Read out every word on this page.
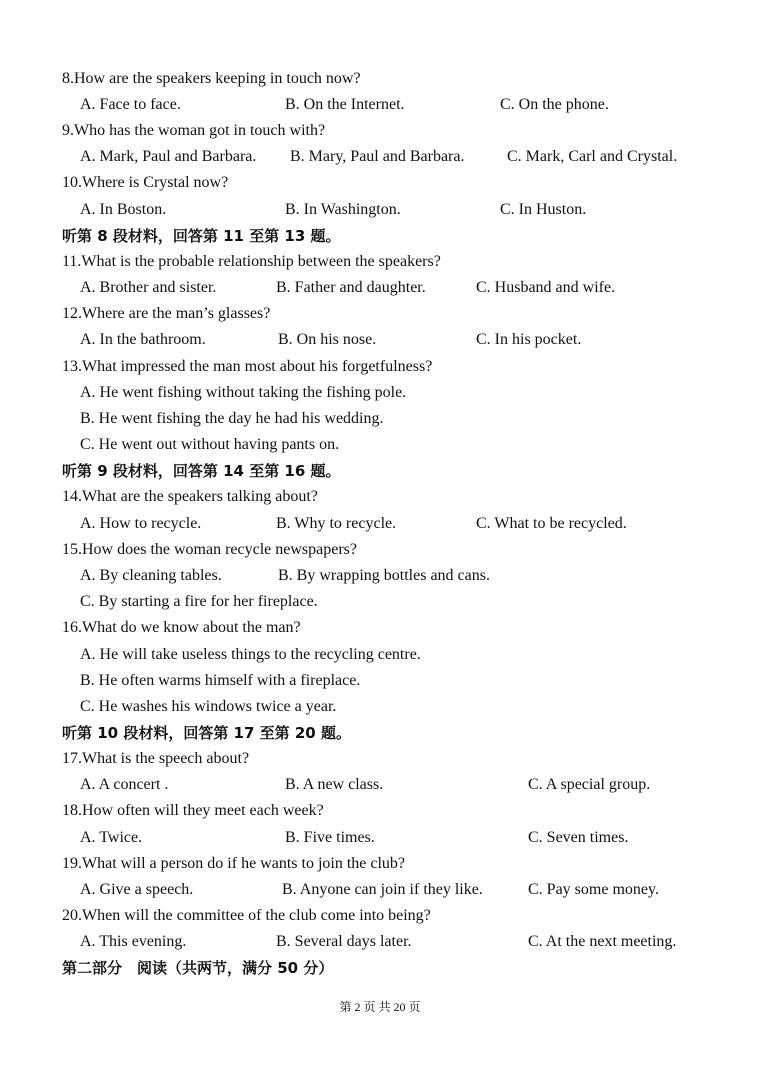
8.How are the speakers keeping in touch now?
A. Face to face.	B. On the Internet.	C. On the phone.
9.Who has the woman got in touch with?
A. Mark, Paul and Barbara. B. Mary, Paul and Barbara.	C. Mark, Carl and Crystal.
10.Where is Crystal now?
A. In Boston.	B. In Washington.	C. In Huston.
听第 8 段材料，回答第 11 至第 13 题。
11.What is the probable relationship between the speakers?
A. Brother and sister.	B. Father and daughter.	C. Husband and wife.
12.Where are the man’s glasses?
A. In the bathroom.	B. On his nose.	C. In his pocket.
13.What impressed the man most about his forgetfulness?
A. He went fishing without taking the fishing pole.
B. He went fishing the day he had his wedding.
C. He went out without having pants on.
听第 9 段材料，回答第 14 至第 16 题。
14.What are the speakers talking about?
A. How to recycle.	B. Why to recycle.	C. What to be recycled.
15.How does the woman recycle newspapers?
A. By cleaning tables.	B. By wrapping bottles and cans.
C. By starting a fire for her fireplace.
16.What do we know about the man?
A. He will take useless things to the recycling centre.
B. He often warms himself with a fireplace.
C. He washes his windows twice a year.
听第 10 段材料，回答第 17 至第 20 题。
17.What is the speech about?
A. A concert .	B. A new class.	C. A special group.
18.How often will they meet each week?
A. Twice.	B. Five times.	C. Seven times.
19.What will a person do if he wants to join the club?
A. Give a speech.	B. Anyone can join if they like.	C. Pay some money.
20.When will the committee of the club come into being?
A. This evening.	B. Several days later.	C. At the next meeting.
第二部分　阅读（共两节，满分 50 分）
第 2 页 共 20 页
